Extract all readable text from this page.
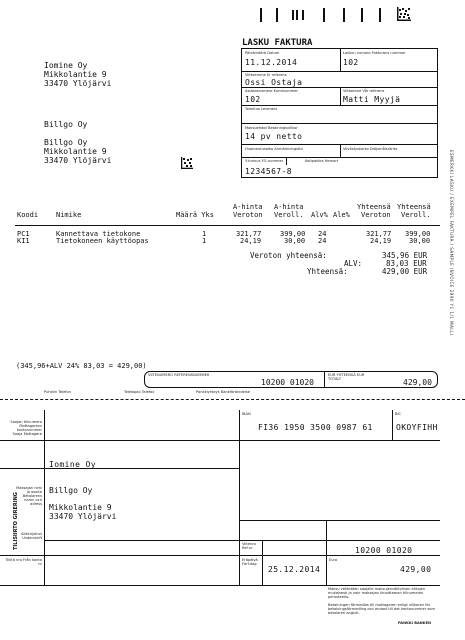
LASKU FAKTURA
Päivämäärä Datum
11.12.2014
Laskun numero Fakturans nummer
102
Viitteemme Er referens
Ossi Ostaja
Asiakasnumero Kundnummer
102
Viitteenne Vår referens
Matti Myyjä
Toimitus Leverans
Maksuehdot Betalningsvillkor
14 pv netto
Huomautusaika Anmärkningstid	Viivästyskorko Dröjsmålsränta
Y-tunnus FO-nummer	Kotipaikka Hemort
1234567-8
Iomine Oy
Mikkolantie 9
33470 Ylöjärvi
Billgo Oy
Billgo Oy
Mikkolantie 9
33470 Ylöjärvi	ESMERKKI LASKU / EXEMPEL FAKTURA / SAMPLE INVOICE 2990 Y1 1/1 MALLI
Koodi	Nimike	Määrä Yks
A-hinta
Veroton
A-hinta
Veroll. Alv% Ale%
Yhteensä
Veroton
Yhteensä
Veroll.
PC1	Kannettava tietokone	1	321,77	399,00 24	321,77 399,00
KI1	Tietokoneen käyttöopas	1	24,19	30,00 24	24,19	30,00
Veroton yhteensä:	345,96 EUR
ALV:	83,03 EUR
Yhteensä:	429,00 EUR
(345,96+ALV 24% 83,03 = 429,00)
VIITENUMERO REFERENSNUMMER
10200 01020
EUR YHTEENSÄ EUR TOTALT	429,00
Puhelin Telefon	Telekopio Telefax	Pankkiyhteys Bankförbindelse
Saajan tilinumero Mottagarens kontonummer
IBAN
FI36 1950 3500 0987 61
BIC
OKOYFIHH
Saaja Mottagare
Iomine Oy
Maksajan nimi ja osoite Betalarens namn och adress
Billgo Oy
Mikkolantie 9
33470 Ylöjärvi
TILISIIRTO GIRERING Allekirjoitus Underskrift
Viitenro Ref.nr	10200 01020
Tililtä nro Från konto nr
Eräpäivä Förf.dag
25.12.2014
Euro
429,00
Maksu välitetään saajalle maksujenvälityksen ehtojen mukaisesti ja vain maksajan ilmoittaman tilinumeron perusteella.
Betalningen förmedlas till mottagaren enligt villkoren för betalningsförmedling och endast till det kontonummer som betalaren angivit.
PANKKI BANKEN
